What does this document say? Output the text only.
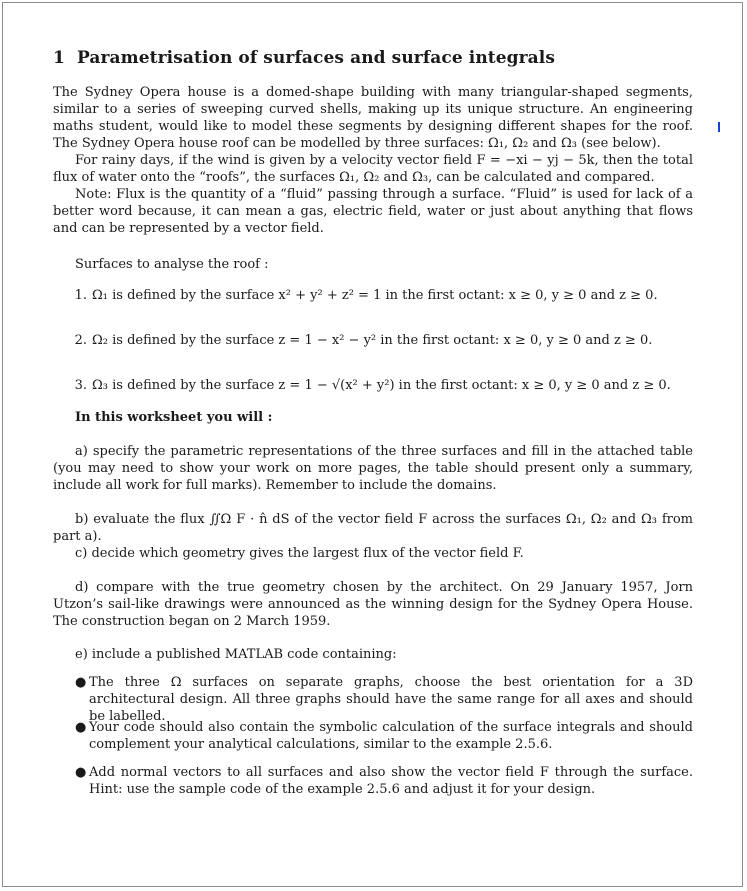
1 Parametrisation of surfaces and surface integrals

The Sydney Opera house is a domed-shape building with many triangular-shaped segments, similar to a series of sweeping curved shells, making up its unique structure. An engineering maths student, would like to model these segments by designing different shapes for the roof. The Sydney Opera house roof can be modelled by three surfaces: Ω₁, Ω₂ and Ω₃ (see below).

For rainy days, if the wind is given by a velocity vector field F = −xi − yj − 5k, then the total flux of water onto the “roofs”, the surfaces Ω₁, Ω₂ and Ω₃, can be calculated and compared.

Note: Flux is the quantity of a “fluid” passing through a surface. “Fluid” is used for lack of a better word because, it can mean a gas, electric field, water or just about anything that flows and can be represented by a vector field.

Surfaces to analyse the roof :
1. Ω₁ is defined by the surface x² + y² + z² = 1 in the first octant: x ≥ 0, y ≥ 0 and z ≥ 0.
2. Ω₂ is defined by the surface z = 1 − x² − y² in the first octant: x ≥ 0, y ≥ 0 and z ≥ 0.
3. Ω₃ is defined by the surface z = 1 − √(x² + y²) in the first octant: x ≥ 0, y ≥ 0 and z ≥ 0.
In this worksheet you will :
a) specify the parametric representations of the three surfaces and fill in the attached table (you may need to show your work on more pages, the table should present only a summary, include all work for full marks). Remember to include the domains.
b) evaluate the flux ∬Ω F · n̂ dS of the vector field F across the surfaces Ω₁, Ω₂ and Ω₃ from part a).
c) decide which geometry gives the largest flux of the vector field F.
d) compare with the true geometry chosen by the architect. On 29 January 1957, Jorn Utzon’s sail-like drawings were announced as the winning design for the Sydney Opera House. The construction began on 2 March 1959.
e) include a published MATLAB code containing:
● The three Ω surfaces on separate graphs, choose the best orientation for a 3D architectural design. All three graphs should have the same range for all axes and should be labelled.
● Your code should also contain the symbolic calculation of the surface integrals and should complement your analytical calculations, similar to the example 2.5.6.
● Add normal vectors to all surfaces and also show the vector field F through the surface. Hint: use the sample code of the example 2.5.6 and adjust it for your design.
